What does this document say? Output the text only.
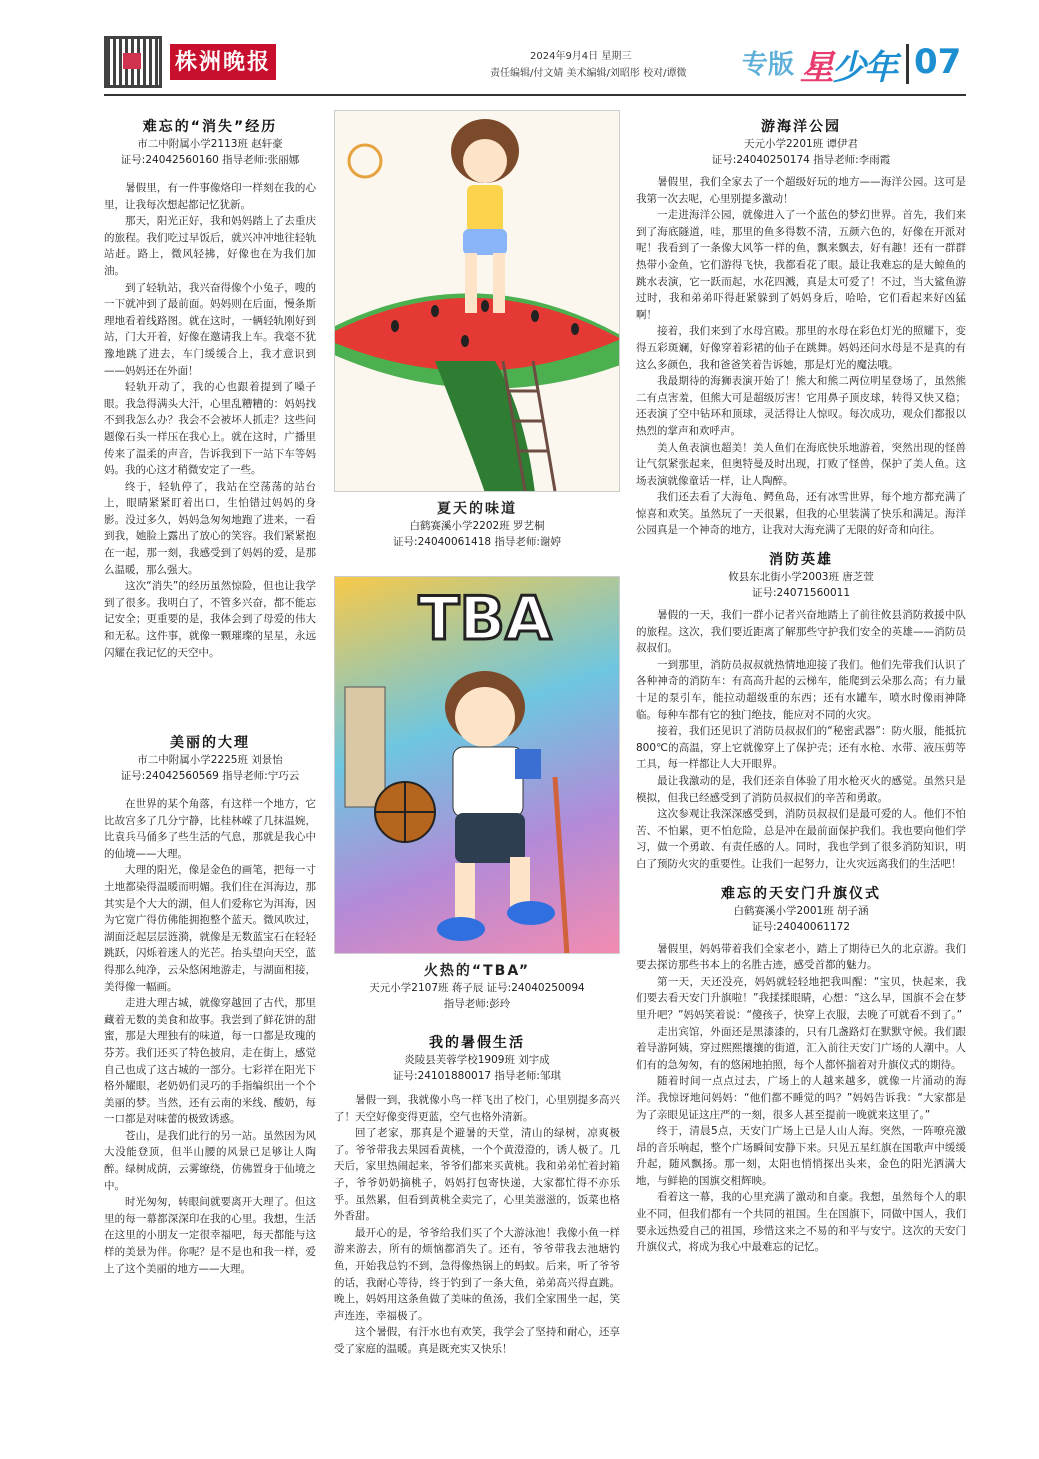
株洲晚报	2024年9月4日 星期三
责任编辑/付文婧 美术编辑/刘昭彤 校对/谭微 专版 星少年 07
难忘的“消失”经历
市二中附属小学2113班 赵轩豪
证号:24042560160 指导老师:张丽娜

暑假里，有一件事像烙印一样刻在我的心里，让我每次想起都记忆犹新。

那天，阳光正好，我和妈妈踏上了去重庆的旅程。我们吃过早饭后，就兴冲冲地往轻轨站赶。路上，微风轻拂，好像也在为我们加油。

到了轻轨站，我兴奋得像个小兔子，嗖的一下就冲到了最前面。妈妈则在后面，慢条斯理地看着线路图。就在这时，一辆轻轨刚好到站，门大开着，好像在邀请我上车。我毫不犹豫地跳了进去，车门缓缓合上，我才意识到——妈妈还在外面！

轻轨开动了，我的心也跟着提到了嗓子眼。我急得满头大汗，心里乱糟糟的：妈妈找不到我怎么办？我会不会被坏人抓走？这些问题像石头一样压在我心上。就在这时，广播里传来了温柔的声音，告诉我到下一站下车等妈妈。我的心这才稍微安定了一些。

终于，轻轨停了，我站在空荡荡的站台上，眼睛紧紧盯着出口，生怕错过妈妈的身影。没过多久，妈妈急匆匆地跑了进来，一看到我，她脸上露出了放心的笑容。我们紧紧抱在一起，那一刻，我感受到了妈妈的爱，是那么温暖，那么强大。

这次“消失”的经历虽然惊险，但也让我学到了很多。我明白了，不管多兴奋，都不能忘记安全；更重要的是，我体会到了母爱的伟大和无私。这件事，就像一颗璀璨的星星，永远闪耀在我记忆的天空中。

美丽的大理
市二中附属小学2225班 刘景怡
证号:24042560569 指导老师:宁巧云

在世界的某个角落，有这样一个地方，它比故宫多了几分宁静，比桂林嵘了几抹温婉，比袁兵马俑多了些生活的气息，那就是我心中的仙境——大理。

大理的阳光，像是金色的画笔，把每一寸土地都染得温暖而明媚。我们住在洱海边，那其实是个大大的湖，但人们爱称它为洱海，因为它宽广得仿佛能拥抱整个蓝天。微风吹过，湖面泛起层层涟漪，就像是无数蓝宝石在轻轻跳跃，闪烁着迷人的光芒。抬头望向天空，蓝得那么纯净，云朵悠闲地游走，与湖面相接，美得像一幅画。

走进大理古城，就像穿越回了古代，那里藏着无数的美食和故事。我尝到了鲜花饼的甜蜜，那是大理独有的味道，每一口都是玫瑰的芬芳。我们还买了特色披肩，走在街上，感觉自己也成了这古城的一部分。七彩祥在阳光下格外耀眼，老奶奶们灵巧的手指编织出一个个美丽的梦。当然，还有云南的米线、酸奶，每一口都是对味蕾的极致诱惑。

苍山，是我们此行的另一站。虽然因为风大没能登顶，但半山腰的风景已足够让人陶醉。绿树成荫，云雾缭绕，仿佛置身于仙境之中。

时光匆匆，转眼间就要离开大理了。但这里的每一幕都深深印在我的心里。我想，生活在这里的小朋友一定很幸福吧，每天都能与这样的美景为伴。你呢？是不是也和我一样，爱上了这个美丽的地方——大理。

夏天的味道
白鹤赛溪小学2202班 罗艺桐
证号:24040061418 指导老师:谢婷
TBA
火热的“TBA”
天元小学2107班 蒋子辰 证号:24040250094
指导老师:彭玲
我的暑假生活
炎陵县芙蓉学校1909班 刘宇成
证号:24101880017 指导老师:邹琪

暑假一到，我就像小鸟一样飞出了校门，心里别提多高兴了！天空好像变得更蓝，空气也格外清新。

回了老家，那真是个避暑的天堂，清山的绿树，凉爽极了。爷爷带我去果园看黄桃，一个个黄澄澄的，诱人极了。几天后，家里热闹起来，爷爷们都来买黄桃。我和弟弟忙着封箱子，爷爷奶奶摘桃子，妈妈打包寄快递，大家都忙得不亦乐乎。虽然累，但看到黄桃全卖完了，心里美滋滋的，饭菜也格外香甜。

最开心的是，爷爷给我们买了个大游泳池！我像小鱼一样游来游去，所有的烦恼都消失了。还有，爷爷带我去池塘钓鱼，开始我总钓不到，急得像热锅上的蚂蚁。后来，听了爷爷的话，我耐心等待，终于钓到了一条大鱼，弟弟高兴得直跳。晚上，妈妈用这条鱼做了美味的鱼汤，我们全家围坐一起，笑声连连，幸福极了。

这个暑假，有汗水也有欢笑，我学会了坚持和耐心，还享受了家庭的温暖。真是既充实又快乐！

游海洋公园
天元小学2201班 谭伊君
证号:24040250174 指导老师:李雨霞

暑假里，我们全家去了一个超级好玩的地方——海洋公园。这可是我第一次去呢，心里别提多激动！

一走进海洋公园，就像进入了一个蓝色的梦幻世界。首先，我们来到了海底隧道，哇，那里的鱼多得数不清，五颜六色的，好像在开派对呢！我看到了一条像大风筝一样的鱼，飘来飘去，好有趣！还有一群群热带小金鱼，它们游得飞快，我都看花了眼。最让我难忘的是大鲸鱼的跳水表演，它一跃而起，水花四溅，真是太可爱了！不过，当大鲨鱼游过时，我和弟弟吓得赶紧躲到了妈妈身后，哈哈，它们看起来好凶猛啊！

接着，我们来到了水母宫殿。那里的水母在彩色灯光的照耀下，变得五彩斑斓，好像穿着彩裙的仙子在跳舞。妈妈还问水母是不是真的有这么多颜色，我和爸爸笑着告诉她，那是灯光的魔法哦。

我最期待的海狮表演开始了！熊大和熊二两位明星登场了，虽然熊二有点害羞，但熊大可是超级厉害！它用鼻子顶皮球，转得又快又稳；还表演了空中钻环和顶球，灵活得让人惊叹。每次成功，观众们都报以热烈的掌声和欢呼声。

美人鱼表演也超美！美人鱼们在海底快乐地游着，突然出现的怪兽让气氛紧张起来，但奥特曼及时出现，打败了怪兽，保护了美人鱼。这场表演就像童话一样，让人陶醉。

我们还去看了大海龟、鳄鱼岛，还有冰雪世界，每个地方都充满了惊喜和欢笑。虽然玩了一天很累，但我的心里装满了快乐和满足。海洋公园真是一个神奇的地方，让我对大海充满了无限的好奇和向往。

消防英雄
攸县东北街小学2003班 唐芝萱
证号:24071560011

暑假的一天，我们一群小记者兴奋地踏上了前往攸县消防救援中队的旅程。这次，我们要近距离了解那些守护我们安全的英雄——消防员叔叔们。

一到那里，消防员叔叔就热情地迎接了我们。他们先带我们认识了各种神奇的消防车：有高高升起的云梯车，能爬到云朵那么高；有力量十足的泵引车，能拉动超级重的东西；还有水罐车，喷水时像雨神降临。每种车都有它的独门绝技，能应对不同的火灾。

接着，我们还见识了消防员叔叔们的“秘密武器”：防火服，能抵抗800℃的高温，穿上它就像穿上了保护壳；还有水枪、水带、液压剪等工具，每一样都让人大开眼界。

最让我激动的是，我们还亲自体验了用水枪灭火的感觉。虽然只是模拟，但我已经感受到了消防员叔叔们的辛苦和勇敢。

这次参观让我深深感受到，消防员叔叔们是最可爱的人。他们不怕苦、不怕累，更不怕危险，总是冲在最前面保护我们。我也要向他们学习，做一个勇敢、有责任感的人。同时，我也学到了很多消防知识，明白了预防火灾的重要性。让我们一起努力，让火灾远离我们的生活吧！

难忘的天安门升旗仪式
白鹤赛溪小学2001班 胡子涵
证号:24040061172

暑假里，妈妈带着我们全家老小，踏上了期待已久的北京游。我们要去探访那些书本上的名胜古迹，感受首都的魅力。

第一天，天还没亮，妈妈就轻轻地把我叫醒：“宝贝，快起来，我们要去看天安门升旗啦！”我揉揉眼睛，心想：“这么早，国旗不会在梦里升吧？”妈妈笑着说：“傻孩子，快穿上衣服，去晚了可就看不到了。”

走出宾馆，外面还是黑漆漆的，只有几盏路灯在默默守候。我们跟着导游阿姨，穿过熙熙攘攘的街道，汇入前往天安门广场的人潮中。人们有的急匆匆，有的悠闲地拍照，每个人都怀揣着对升旗仪式的期待。

随着时间一点点过去，广场上的人越来越多，就像一片涌动的海洋。我惊讶地问妈妈：“他们都不睡觉的吗？”妈妈告诉我：“大家都是为了亲眼见证这庄严的一刻，很多人甚至提前一晚就来这里了。”

终于，清晨5点，天安门广场上已是人山人海。突然，一阵嘹亮激昂的音乐响起，整个广场瞬间安静下来。只见五星红旗在国歌声中缓缓升起，随风飘扬。那一刻，太阳也悄悄探出头来，金色的阳光洒满大地，与鲜艳的国旗交相辉映。

看着这一幕，我的心里充满了激动和自豪。我想，虽然每个人的职业不同，但我们都有一个共同的祖国。生在国旗下，同做中国人，我们要永远热爱自己的祖国，珍惜这来之不易的和平与安宁。这次的天安门升旗仪式，将成为我心中最难忘的记忆。
